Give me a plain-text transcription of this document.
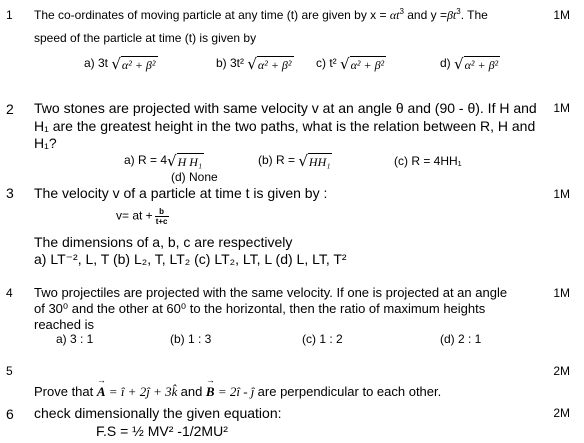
1	1M
The co-ordinates of moving particle at any time (t) are given by $x = \alpha t^3$ and $y =\beta t^3$. The
speed of the particle at time (t) is given by
a) 3t √α² + β²	b) 3t² √α² + β² c) t² √α² + β²	d) √α² + β²
2	1M
Two stones are projected with same velocity v at an angle θ and (90 - θ). If H and
H₁ are the greatest height in the two paths, what is the relation between R, H and
H₁?
a) R = 4√H H₁	(b) R = √HH₁	(c) R = 4HH₁
(d) None
3	1M
The velocity v of a particle at time t is given by :
v= at + $\frac{b}{t+c}$
The dimensions of a, b, c are respectively
a) LT⁻², L, T (b) L₂, T, LT₂ (c) LT₂, LT, L (d) L, LT, T²
4	1M
Two projectiles are projected with the same velocity. If one is projected at an angle
of 30⁰ and the other at 60⁰ to the horizontal, then the ratio of maximum heights
reached is
a) 3 : 1	(b) 1 : 3	(c) 1 : 2	(d) 2 : 1
5	2M
Prove that → A = î + 2ĵ + 3k̂ and → B = 2î - ĵ are perpendicular to each other.
6	2M
check dimensionally the given equation:
F.S = ½ MV² -1/2MU²
